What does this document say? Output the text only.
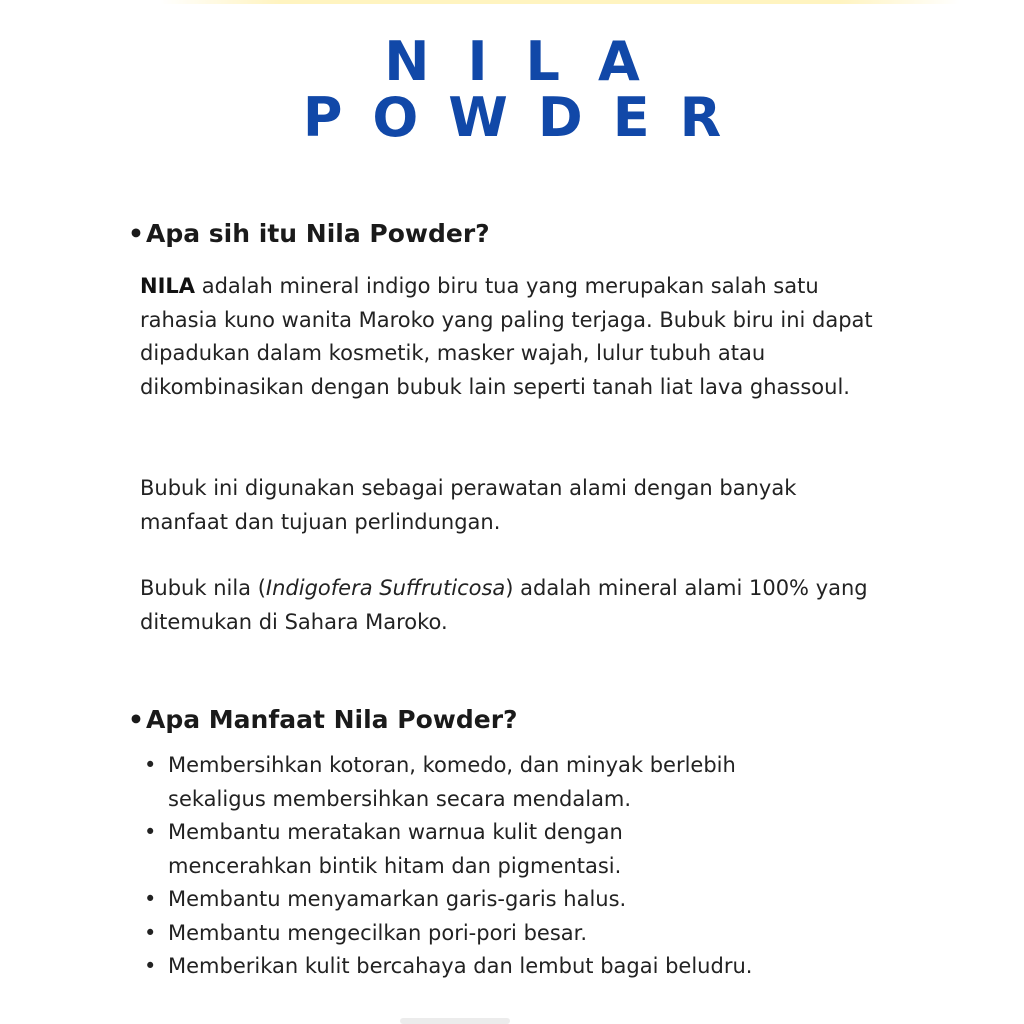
NILA
POWDER
•Apa sih itu Nila Powder?

NILA adalah mineral indigo biru tua yang merupakan salah satu rahasia kuno wanita Maroko yang paling terjaga. Bubuk biru ini dapat dipadukan dalam kosmetik, masker wajah, lulur tubuh atau dikombinasikan dengan bubuk lain seperti tanah liat lava ghassoul.

Bubuk ini digunakan sebagai perawatan alami dengan banyak manfaat dan tujuan perlindungan.

Bubuk nila (Indigofera Suffruticosa) adalah mineral alami 100% yang ditemukan di Sahara Maroko.

•Apa Manfaat Nila Powder?
• Membersihkan kotoran, komedo, dan minyak berlebih sekaligus membersihkan secara mendalam.
• Membantu meratakan warnua kulit dengan mencerahkan bintik hitam dan pigmentasi.
• Membantu menyamarkan garis-garis halus.
• Membantu mengecilkan pori-pori besar.
• Memberikan kulit bercahaya dan lembut bagai beludru.
